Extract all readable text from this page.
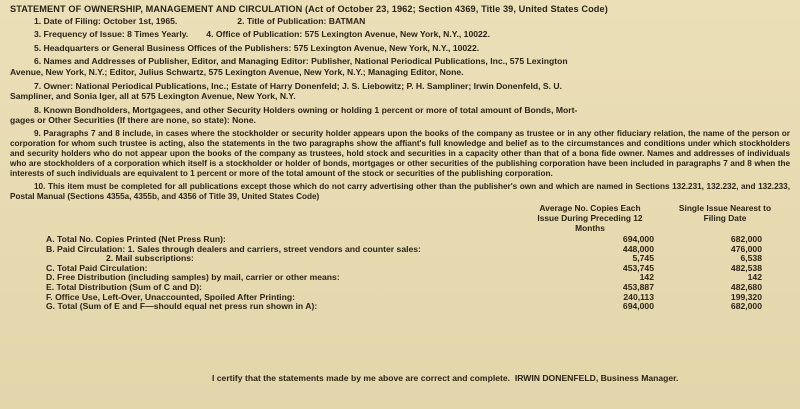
STATEMENT OF OWNERSHIP, MANAGEMENT AND CIRCULATION (Act of October 23, 1962; Section 4369, Title 39, United States Code)
1. Date of Filing: October 1st, 1965.	2. Title of Publication: BATMAN
3. Frequency of Issue: 8 Times Yearly. 4. Office of Publication: 575 Lexington Avenue, New York, N.Y., 10022.
5. Headquarters or General Business Offices of the Publishers: 575 Lexington Avenue, New York, N.Y., 10022.
6. Names and Addresses of Publisher, Editor, and Managing Editor: Publisher, National Periodical Publications, Inc., 575 Lexington
Avenue, New York, N.Y.; Editor, Julius Schwartz, 575 Lexington Avenue, New York, N.Y.; Managing Editor, None.
7. Owner: National Periodical Publications, Inc.; Estate of Harry Donenfeld; J. S. Liebowitz; P. H. Sampliner; Irwin Donenfeld, S. U.
Sampliner, and Sonia Iger, all at 575 Lexington Avenue, New York, N.Y.
8. Known Bondholders, Mortgagees, and other Security Holders owning or holding 1 percent or more of total amount of Bonds, Mort-
gages or Other Securities (If there are none, so state): None.
9. Paragraphs 7 and 8 include, in cases where the stockholder or security holder appears upon the books of the company as trustee or in any other fiduciary relation, the name of the person or corporation for whom such trustee is acting, also the statements in the two paragraphs show the affiant's full knowledge and belief as to the circumstances and conditions under which stockholders and security holders who do not appear upon the books of the company as trustees, hold stock and securities in a capacity other than that of a bona fide owner. Names and addresses of individuals who are stockholders of a corporation which itself is a stockholder or holder of bonds, mortgages or other securities of the publishing corporation have been included in paragraphs 7 and 8 when the interests of such individuals are equivalent to 1 percent or more of the total amount of the stock or securities of the publishing corporation.
10. This item must be completed for all publications except those which do not carry advertising other than the publisher's own and which are named in Sections 132.231, 132.232, and 132.233, Postal Manual (Sections 4355a, 4355b, and 4356 of Title 39, United States Code)
Average No. Copies Each Issue During Preceding 12 Months
Single Issue Nearest to Filing Date
A. Total No. Copies Printed (Net Press Run):	694,000	682,000
B. Paid Circulation: 1. Sales through dealers and carriers, street vendors and counter sales:	448,000	476,000
2. Mail subscriptions:	5,745	6,538
C. Total Paid Circulation:	453,745	482,538
D. Free Distribution (including samples) by mail, carrier or other means:	142	142
E. Total Distribution (Sum of C and D):	453,887	482,680
F. Office Use, Left-Over, Unaccounted, Spoiled After Printing:	240,113	199,320
G. Total (Sum of E and F—should equal net press run shown in A):	694,000	682,000
I certify that the statements made by me above are correct and complete. IRWIN DONENFELD, Business Manager.
